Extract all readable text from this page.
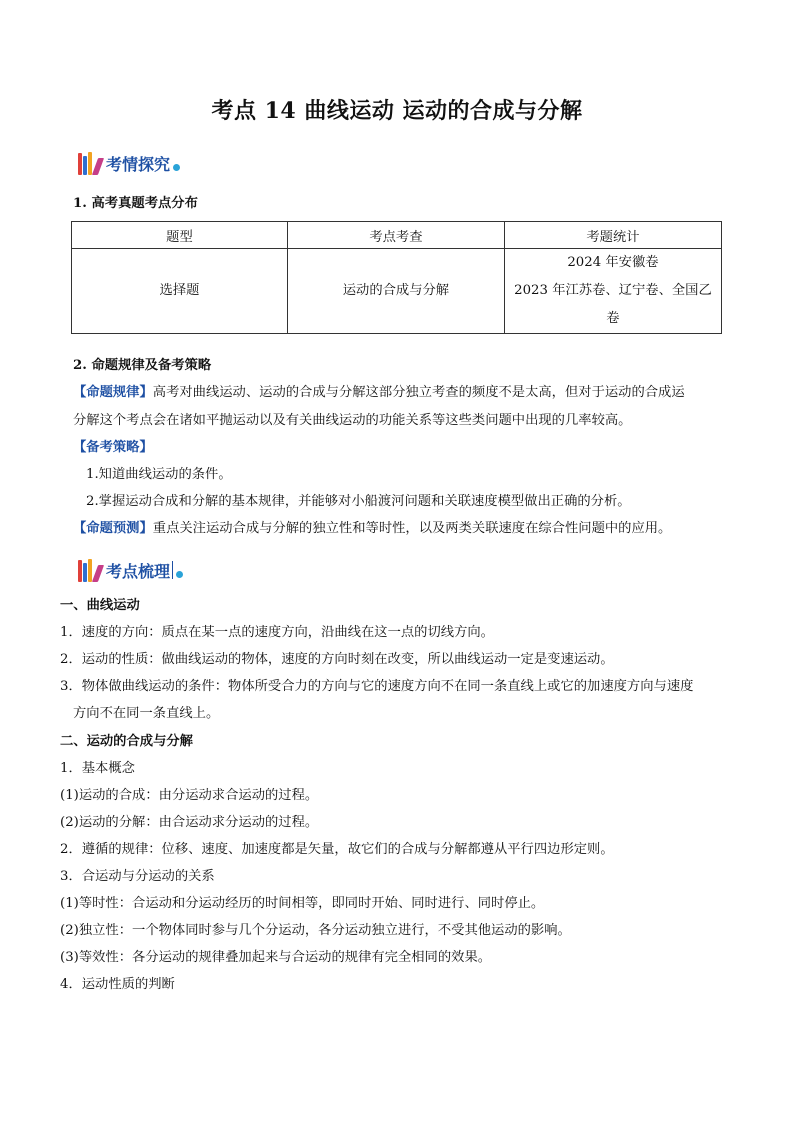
考点 14 曲线运动 运动的合成与分解
考情探究
1. 高考真题考点分布
题型	考点考查	考题统计
选择题	运动的合成与分解	2024 年安徽卷
2023 年江苏卷、辽宁卷、全国乙
卷
2. 命题规律及备考策略
【命题规律】高考对曲线运动、运动的合成与分解这部分独立考查的频度不是太高，但对于运动的合成运
分解这个考点会在诸如平抛运动以及有关曲线运动的功能关系等这些类问题中出现的几率较高。
【备考策略】
1.知道曲线运动的条件。
2.掌握运动合成和分解的基本规律，并能够对小船渡河问题和关联速度模型做出正确的分析。
【命题预测】重点关注运动合成与分解的独立性和等时性，以及两类关联速度在综合性问题中的应用。
考点梳理
一、曲线运动
1．速度的方向：质点在某一点的速度方向，沿曲线在这一点的切线方向。
2．运动的性质：做曲线运动的物体，速度的方向时刻在改变，所以曲线运动一定是变速运动。
3．物体做曲线运动的条件：物体所受合力的方向与它的速度方向不在同一条直线上或它的加速度方向与速度
方向不在同一条直线上。
二、运动的合成与分解
1．基本概念
(1)运动的合成：由分运动求合运动的过程。
(2)运动的分解：由合运动求分运动的过程。
2．遵循的规律：位移、速度、加速度都是矢量，故它们的合成与分解都遵从平行四边形定则。
3．合运动与分运动的关系
(1)等时性：合运动和分运动经历的时间相等，即同时开始、同时进行、同时停止。
(2)独立性：一个物体同时参与几个分运动，各分运动独立进行，不受其他运动的影响。
(3)等效性：各分运动的规律叠加起来与合运动的规律有完全相同的效果。
4．运动性质的判断
